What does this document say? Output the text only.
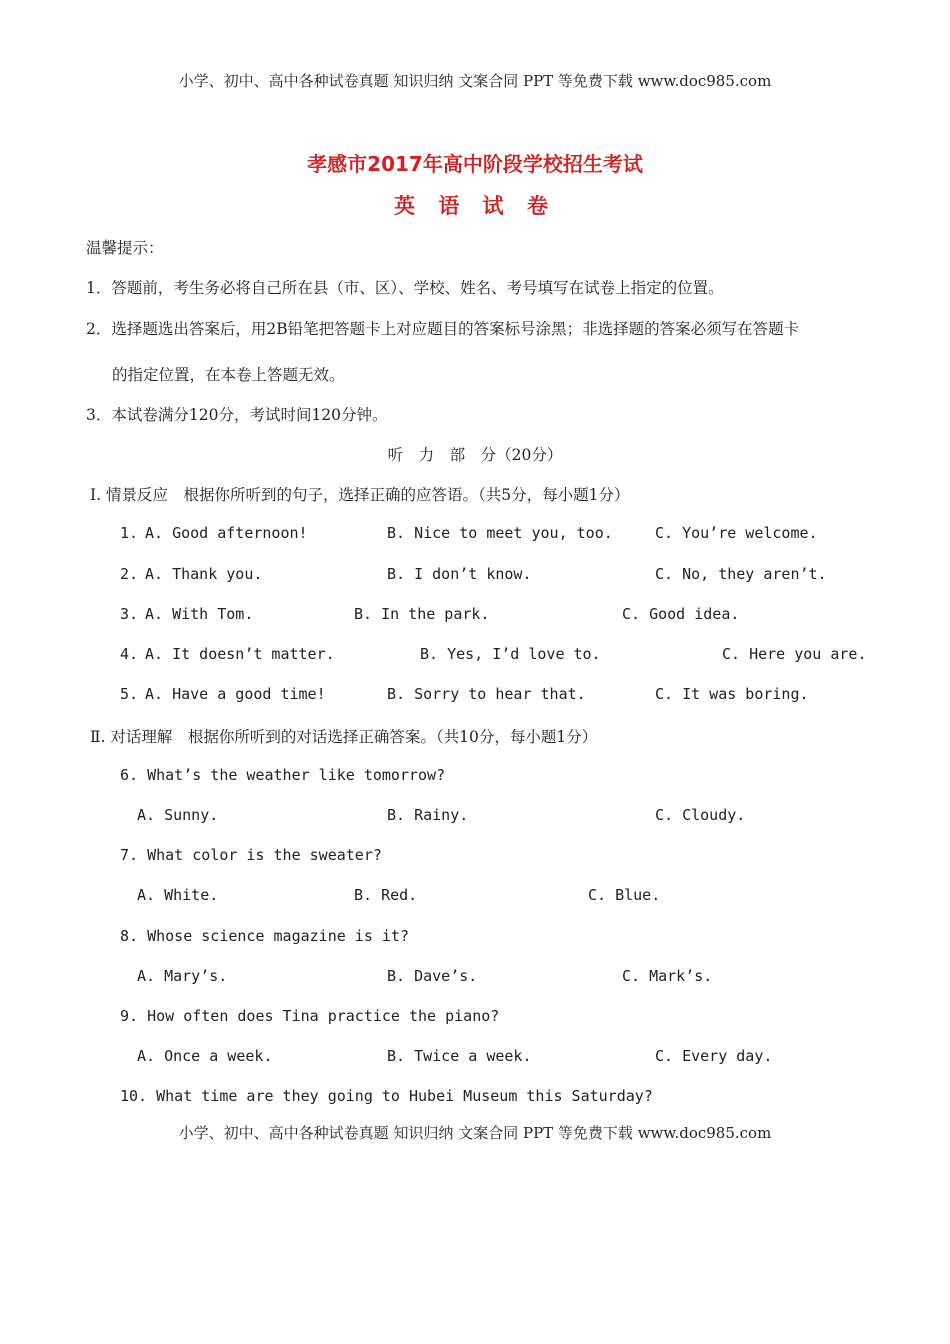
小学、初中、高中各种试卷真题 知识归纳 文案合同 PPT 等免费下载 www.doc985.com
孝感市2017年高中阶段学校招生考试
英 语 试 卷
温馨提示：
1．答题前，考生务必将自己所在县（市、区）、学校、姓名、考号填写在试卷上指定的位置。
2．选择题选出答案后，用2B铅笔把答题卡上对应题目的答案标号涂黑；非选择题的答案必须写在答题卡
的指定位置，在本卷上答题无效。
3．本试卷满分120分，考试时间120分钟。
听　力　部　分（20分）
Ⅰ. 情景反应　根据你所听到的句子，选择正确的应答语。（共5分，每小题1分）
1. A. Good afternoon!	B. Nice to meet you, too.	C. You’re welcome.
2. A. Thank you.	B. I don’t know.	C. No, they aren’t.
3. A. With Tom.	B. In the park.	C. Good idea.
4. A. It doesn’t matter.	B. Yes, I’d love to.	C. Here you are.
5. A. Have a good time!	B. Sorry to hear that.	C. It was boring.
Ⅱ. 对话理解　根据你所听到的对话选择正确答案。（共10分，每小题1分）
6. What’s the weather like tomorrow?
A. Sunny.	B. Rainy.	C. Cloudy.
7. What color is the sweater?
A. White.	B. Red.	C. Blue.
8. Whose science magazine is it?
A. Mary’s.	B. Dave’s.	C. Mark’s.
9. How often does Tina practice the piano?
A. Once a week.	B. Twice a week.	C. Every day.
10. What time are they going to Hubei Museum this Saturday?
小学、初中、高中各种试卷真题 知识归纳 文案合同 PPT 等免费下载 www.doc985.com
